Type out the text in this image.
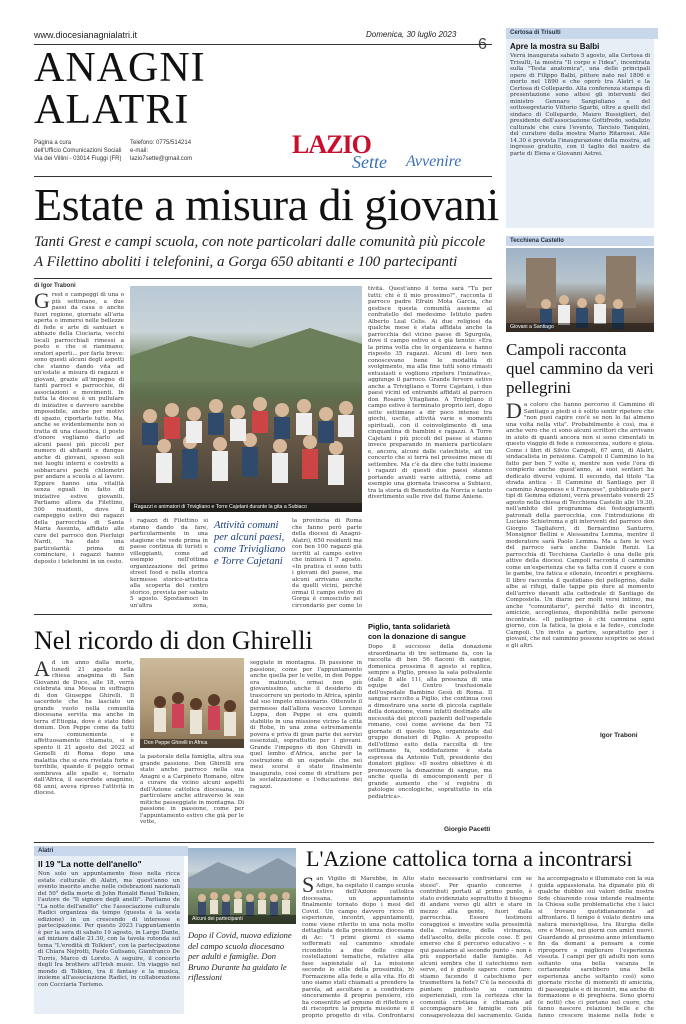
www.diocesianagnialatri.it	Domenica, 30 luglio 2023
ANAGNI
ALATRI
Pagina a cura
dell'Ufficio Comunicazioni Sociali
Via dei Villini - 03014 Fiuggi (FR)
Telefono: 0775/514214
e-mail:
lazio7sette@gmail.com	LAZIO
Sette Avvenire
Certosa di Trisulti
Apre la mostra su Balbi
Verrà inaugurata sabato 5 agosto, alla Certosa di Trisulti, la mostra "Il corpo e l'idea", incentrata sulla "Testa anatomica", una delle principali opere di Filippo Balbi, pittore nato nel 1806 e morto nel 1890 e che operò tra Alatri e la Certosa di Collepardo. Alla conferenza stampa di presentazione sono attesi gli interventi del ministro Gennaro Sangiuliano e del sottosegretario Vittorio Sgarbi, oltre a quelli del sindaco di Collepardo, Mauro Bussiglieri, del presidente dell'associazione Gottifredo, sodalizio culturale che cura l'evento, Tarcisio Tanquini, del curatore della mostra Mario Ritarossi. Alle 14.30 è prevista l'inaugurazione della mostra, ad ingresso gratuito, con il taglio del nastro da parte di Elena e Giovanni Astrei.
Estate a misura di giovani
Tanti Grest e campi scuola, con note particolari dalle comunità più piccole
A Filettino aboliti i telefonini, a Gorga 650 abitanti e 100 partecipanti
di Igor Traboni
Grest e campeggi di una o più settimane, a due passi da casa o anche fuori regione, giornate all'aria aperta o immersi nelle bellezze di fede e arte di santuari e abbazie della Ciociaria, vecchi locali parrocchiali rimessi a posto e che si rianimano; oratori aperti… per farla breve: sono questi alcuni degli aspetti che stanno dando vita ad un'estate a misura di ragazzi e giovani, grazie all'impegno di tanti parroci e parrocchie, di associazioni e movimenti. In tutta la diocesi è un pullulare di iniziative e davvero sarebbe impossibile, anche per motivi di spazio, riportarle tutte. Ma, anche se evidentemente non si tratta di una classifica, il posto d'onore vogliamo darlo ad alcuni paesi più piccoli per numero di abitanti e dunque anche di giovani, spesso soli nei luoghi interni e costretti a sobbarcarsi pochi chilometri per andare a scuola o al lavoro. Eppure hanno una vitalità senza eguali in fatto di iniziative estive giovanili. Partiamo allora da Filettino, 500 residenti, dove il campeggio estivo dei ragazzi della parrocchia di Santa Maria Assunta, affidato alle cure del parroco don Pierluigi Nardi, ha dato una particolarità: prima di cominciare, i ragazzi hanno deposto i telefonini in un cesto.
Ragazzi e animatori di Trivigliano e Torre Cajetani durante la gita a Subiaco
i ragazzi di Filettino si stanno dando da fare, particolarmente in una stagione che vede prima in paese continua di turisti e villeggianti, come ad esempio nell'ottima organizzazione del primo street food e nella storica kermesse storico-artistica alla scoperta del centro storico, prevista per sabato 5 agosto. Spostiamoci in un'altra zona,
Attività comuni per alcuni paesi, come Trivigliano e Torre Cajetani
la provincia di Roma che fanno però parte della diocesi di Anagni-Alatri), 650 residenti ma con ben 100 ragazzi già iscritti al campo estivo che inizierà il 7 agosto. «In pratica ci sono tutti i giovani del paese, ma alcuni arrivano anche da quelli vicini, perché ormai il campo estivo di Gorga è conosciuto nel circondario per come lo
tività. Quest'anno il tema sarà "Tu per tutti: chi è il mio prossimo?", racconta il parroco padre Efrain Mota Garcia, che gestisce questa comunità assieme al confratello del medesimo Istituto padre Alberto Leal Celis. Ai due religiosi da qualche mese è stata affidata anche la parrocchia del vicino paese di Sgurgola, dove il campo estivo si è già tenuto: «Era la prima volta che lo organizzava e hanno risposto 35 ragazzi. Alcuni di loro non conoscevano bene le modalità di svolgimento, ma alla fine tutti sono rimasti entusiasti e vogliono ripetere l'iniziativa», aggiunge il parroco. Grande fervore estivo anche a Trivigliano e Torre Cajetani, i due paesi vicini ed entrambi affidati al parroco don Rosario Vitagliano. A Trivigliano il campo estivo è terminato proprio ieri, dopo sette settimane a dir poco intense tra giochi, uscite, attività varie e momenti spirituali, con il coinvolgimento di una cinquantina di bambini e ragazzi. A Torre Cajetani i più piccoli del paese si stanno invece preparando in maniera particolare e, ancora, alcuni dalle catechiste, ad un concerto che si terrà nel prossimo mese di settembre. Ma c'è da dire che tutti insieme i ragazzi di questi due paesi stanno portando avanti varie attività, come ad esempio una giornata trascorsa a Subiaco, tra la storia di Benedetto da Norcia e tanto divertimento sulle rive del fiume Aniene.
Tecchiena Castello
Giovani a Santiago
Campoli racconta quel cammino da veri pellegrini
Da coloro che hanno percorso il Cammino di Santiago a piedi si è solito sentir ripetere che "non puoi capire cos'è se non lo fai almeno una volta nella vita". Probabilmente è così, ma è anche vero che ci sono alcuni scrittori che arrivano in aiuto di quanti ancora non si sono cimentati in questo viaggio di fede e conoscenza, sudore e gioia. Come i libri di Silvio Campoli, 67 anni, di Alatri, sindacalista in pensione. Campoli il Cammino lo ha fatto per ben 7 volte e, mentre non vede l'ora di compierlo anche quest'anno, ai suoi sentieri ha dedicato diversi volumi. Il secondo, dal titolo "La strada antica - Il Cammino di Santiago per il cammino Aragonese e il Francese", pubblicato per i tipi di Gemma edizioni, verrà presentato venerdì 25 agosto nella chiesa di Tecchiena Castello alle 19.30, nell'ambito del programma dei festeggiamenti patronali della parrocchia, con l'introduzione di Luciano Schietroma e gli interventi del parroco don Giorgio Tagliaferri, di Bernardino Santurro, Monsignor Bellini e Alessandra Lemma, mentre il moderatore sarà Paolo Lemma. Ma a fare le veci del parroco sarà anche Daniele Renzi. La parrocchia di Tecchiena Castello è una delle più attive della diocesi. Campoli racconta il cammino come un'esperienza che va fatta con il cuore e con le gambe, tra fatica e silenzio, incontri e preghiera. Il libro racconta il quotidiano del pellegrino, dalle albe ai rifugi, dalle tappe più dure al momento dell'arrivo davanti alla cattedrale di Santiago de Compostela. Un diario per molti versi intimo, ma anche "comunitario", perché fatto di incontri, amicizie, accoglienza, disponibilità nelle persone incontrate. «Il pellegrino è chi cammina ogni giorno, con la fatica, la gioia e la fede», conclude Campoli. Un invito a partire, soprattutto per i giovani, che nel cammino possono scoprire se stessi e gli altri.
Igor Traboni
Nel ricordo di don Ghirelli
Ad un anno dalla morte, lunedì 21 agosto nella chiesa anagnina di San Giovanni de Duce, alle 18, verrà celebrata una Messa in suffragio di don Giuseppe Ghirelli. Il sacerdote che ha lasciato un grande vuoto nella comunità diocesana servita ma anche in terra d'Etiopia, dove è stato fidei donum. Don Peppe come da tutti era comunemente e affettuosamente chiamato, si è spento il 21 agosto del 2022 al Gemelli di Roma dopo una malattia che si era rivelata forte e terribile, quando il peggio ormai sembrava alle spalle e, tornato dall'Africa, il sacerdote anagnino, 68 anni, aveva ripreso l'attività in diocesi.
Don Peppe Ghirelli in Africa
la pastorale della famiglia, altra sua grande passione. Don Ghirelli era stato anche parroco nella sua Anagni e a Carpineto Romano, oltre a curare da vicino alcuni aspetti dell'Azione cattolica diocesana, in particolare anche attraverso le sue mitiche passeggiate in montagna. Di passione in passione, come per l'appuntamento estivo che già per le vette,
seggiate in montagna. Di passione in passione, come per l'appuntamento anche quella per le vette, in don Peppe era maturato, ormai non più giovanissimo, anche il desiderio di trascorrere un periodo in Africa, spinto dal suo impeto missionario. Ottenuto il permesso dall'allora vescovo Lorenzo Loppa, don Peppe si era quindi stabilito in una missione vicino la città di Robe, in una zona estremamente povera e priva di gran parte dei servizi essenziali, soprattutto per i giovani. Grande l'impegno di don Ghirelli in quel lembo d'Africa, anche per la costruzione di un ospedale che nei mesi scorsi è stato finalmente inaugurato, così come di strutture per la socializzazione e l'educazione dei ragazzi.
Piglio, tanta solidarietà
con la donazione di sangue
Dopo il successo della donazione straordinaria di tre settimane fa, con la raccolta di ben 56 flaconi di sangue, domenica prossima 6 agosto si replica, sempre a Piglio, presso la sala polivalente (dalle 8 alle 11), alla presenza di una equipe del Centro trasfusionale dell'ospedale Bambino Gesù di Roma. Il sangue raccolto a Piglio, che continua così a dimostrare una serie di piccola capitale della donazione, viene infatti destinato alle necessità dei piccoli pazienti dell'ospedale romano, così come avviene da ben 72 giornate di questo tipo, organizzate dal gruppo donatori di Piglio. A proposito dell'ottimo esito della raccolta di tre settimane fa, soddisfazione è stata espressa da Antonio Tufi, presidente dei donatori piglios: «Il nostro obiettivo è di promuovere la donazione di sangue, ma anche quella di emocomponenti per il grande aumento che si registra di patologie oncologiche, soprattutto in età pediatrica».
Giorgio Pacetti
Alatri
Il 19 "La notte dell'anello"
Non solo un appuntamento fisso nella ricca estate culturale di Alatri, ma quest'anno un evento inserito anche nelle celebrazioni nazionali del 50° della morte di John Ronald Reuel Tolkien, l'autore de "Il signore degli anelli". Parliamo de "La notte dell'anello" che l'associazione culturale Radici organizza da tempo (questa è la sesta edizione) in un crescendo di interesse e partecipazione. Per questo 2023 l'appuntamento è per la sera di sabato 19 agosto, in Largo Dante, ad iniziare dalle 21.30, con la tavola rotonda sul tema "L'eredità di Tolkien", con la partecipazione di Chiara Nejrotti, Paolo Gulisano, Gianfranco De Turris, Marco di Loreto. A seguire, il concerto degli Ira brothers all'Irish music. Un viaggio nel mondo di Tolkien, tra il fantasy e la musica, insieme all'associazione Radici, in collaborazione con Cocciaria Turismo.
L'Azione cattolica torna a incontrarsi
Alcuni dei partecipanti
Dopo il Covid, nuova edizione del campo scuola diocesano per adulti e famiglie. Don Bruno Durante ha guidato le riflessioni
San Vigilio di Marebbe, in Alto Adige, ha ospitato il campo scuola estivo dell'Azione cattolica diocesana, un appuntamento finalmente tornato dopo i mesi del Covid. Un campo davvero ricco di esperienze, incontri, appuntamenti, come viene riferito in una nota molto dettagliata della presidenza diocesana di Ac: "I primi giorni ci siamo soffermati sul cammino sinodale ricondotto a due delle cinque costellazioni tematiche, relative alla fase sapienziale a) La missione secondo lo stile della prossimità, b) Formazione alla fede e alla vita. Ho di uno siamo stati chiamati a prendere la parola, ad ascoltare e a condividere sinceramente il proprio pensiero, ciò ha consentito ad ognuno di riflettere e di riscoprire la propria missione e il proprio progetto di vita. Confrontarsi
stato necessario confrontarsi con se stessi". Per quanto concerne i contributi portati al primo punto, è stato evidenziato soprattutto il bisogno di andare verso gli altri e stare in mezzo alla gente, fuori dalla parrocchia. Essere testimoni coraggiosi e investire sulla prossimità della relazione, della vicinanza, dell'ascolto, delle piccole cose. È poi emerso che il percorso educativo – e qui passiamo al secondo punto – non è più supportato dalle famiglie. Ad alcuni sembra che il catechismo non serve, ed è giusto sapere come fare: stiamo facendo il catechismo per trasmettere la fede? C'è la necessità di puntare piuttosto su cammini esperienziali, con la certezza che la comunità cristiana è chiamata ad accompagnare le famiglie con più consapevolezza del sacramento. Guida
ha accompagnato e illuminato con la sua guida appassionata. ha dipanato più di qualche dubbio sui valori della nostra fede chiarendo cosa intende realmente la Chiesa sulle problematiche che i laici si trovano quotidianamente ad affrontare. Il tempo è volato dentro una natura meravigliosa, tra liturgia delle ore e Messe, nei giorni con amici nuovi. Guardando al prossimo anno intendiamo fin da domani a pensare a come riproporre e migliorare l'esperienza vissuta. I campi per gli adulti non sono soltanto una bella vacanza (e certamente sarebbero una bella esperienza anche soltanto così) sono giornate ricche di momenti di amicizia, di passeggiate e di incontri, ma anche di formazione e di preghiera. Sono giorni (e notti) che ci portano nel cuore, che fanno nascere relazioni belle e che fanno crescere insieme nella fede e
